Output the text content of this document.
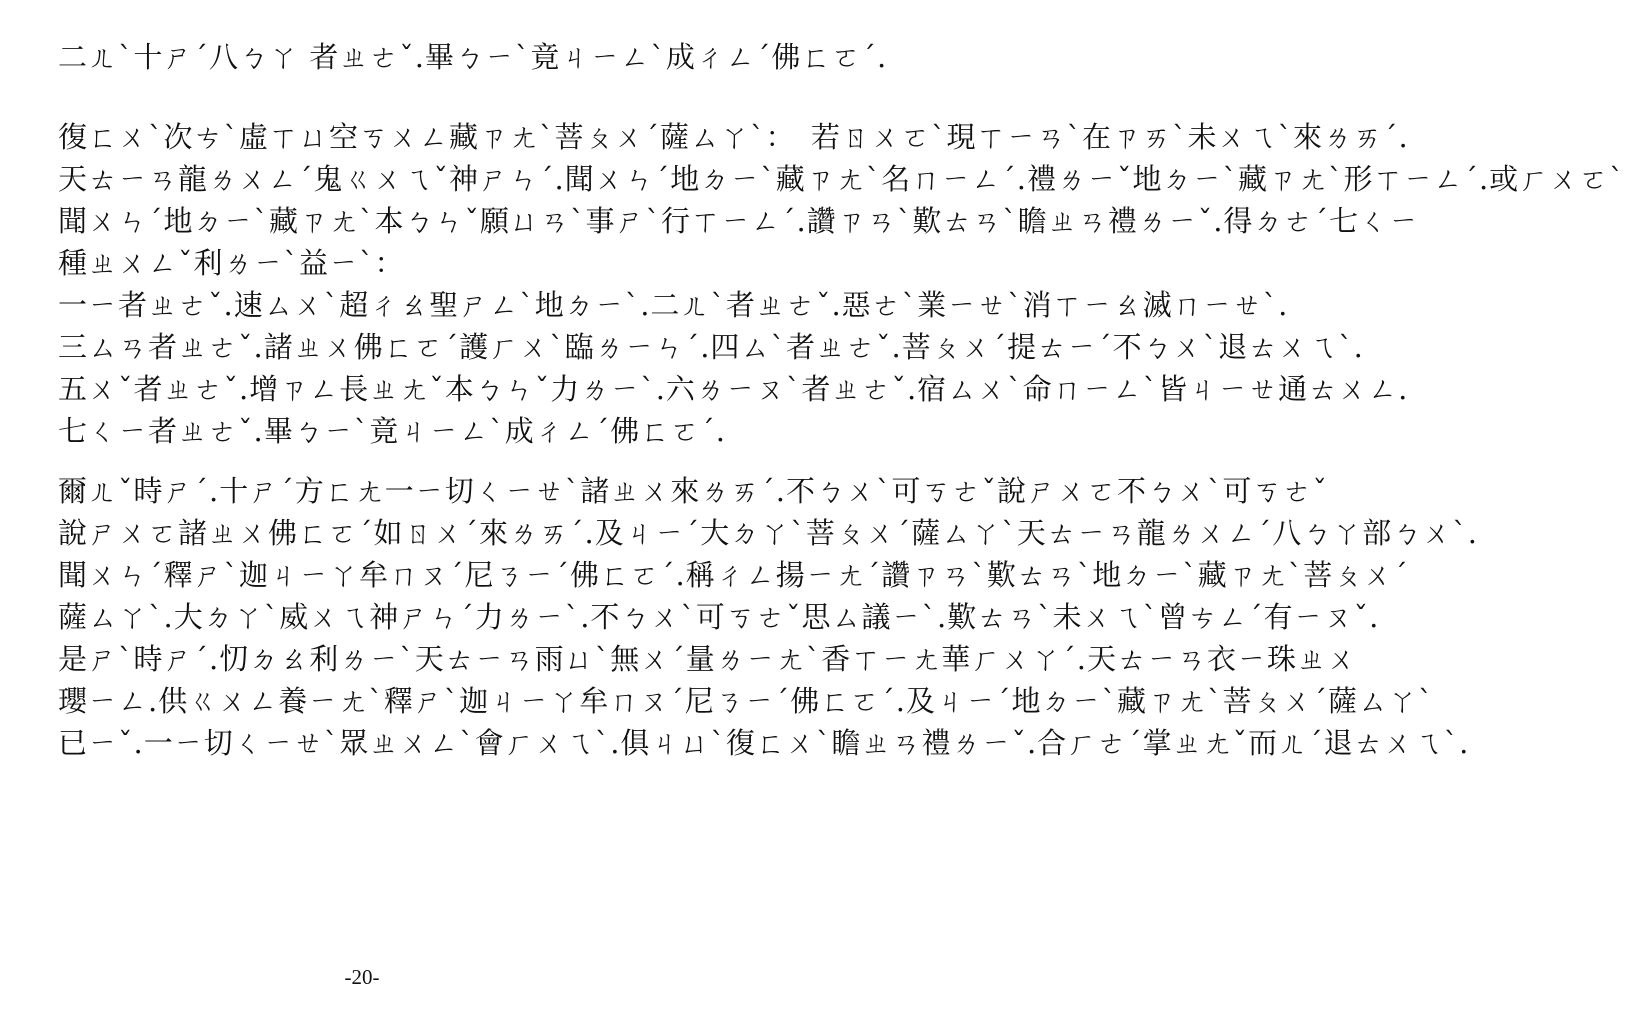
二ㄦˋ十ㄕˊ八ㄅㄚ 者ㄓㄜˇ.畢ㄅㄧˋ竟ㄐㄧㄥˋ成ㄔㄥˊ佛ㄈㄛˊ.
復ㄈㄨˋ次ㄘˋ虛ㄒㄩ空ㄎㄨㄥ藏ㄗㄤˋ菩ㄆㄨˊ薩ㄙㄚˋ：　若ㄖㄨㄛˋ現ㄒㄧㄢˋ在ㄗㄞˋ未ㄨㄟˋ來ㄌㄞˊ.
天ㄊㄧㄢ龍ㄌㄨㄥˊ鬼ㄍㄨㄟˇ神ㄕㄣˊ.聞ㄨㄣˊ地ㄉㄧˋ藏ㄗㄤˋ名ㄇㄧㄥˊ.禮ㄌㄧˇ地ㄉㄧˋ藏ㄗㄤˋ形ㄒㄧㄥˊ.或ㄏㄨㄛˋ
聞ㄨㄣˊ地ㄉㄧˋ藏ㄗㄤˋ本ㄅㄣˇ願ㄩㄢˋ事ㄕˋ行ㄒㄧㄥˊ.讚ㄗㄢˋ歎ㄊㄢˋ瞻ㄓㄢ禮ㄌㄧˇ.得ㄉㄜˊ七ㄑㄧ
種ㄓㄨㄥˇ利ㄌㄧˋ益ㄧˋ：
一ㄧ者ㄓㄜˇ.速ㄙㄨˋ超ㄔㄠ聖ㄕㄥˋ地ㄉㄧˋ.二ㄦˋ者ㄓㄜˇ.惡ㄜˋ業ㄧㄝˋ消ㄒㄧㄠ滅ㄇㄧㄝˋ.
三ㄙㄢ者ㄓㄜˇ.諸ㄓㄨ佛ㄈㄛˊ護ㄏㄨˋ臨ㄌㄧㄣˊ.四ㄙˋ者ㄓㄜˇ.菩ㄆㄨˊ提ㄊㄧˊ不ㄅㄨˋ退ㄊㄨㄟˋ.
五ㄨˇ者ㄓㄜˇ.增ㄗㄥ長ㄓㄤˇ本ㄅㄣˇ力ㄌㄧˋ.六ㄌㄧㄡˋ者ㄓㄜˇ.宿ㄙㄨˋ命ㄇㄧㄥˋ皆ㄐㄧㄝ通ㄊㄨㄥ.
七ㄑㄧ者ㄓㄜˇ.畢ㄅㄧˋ竟ㄐㄧㄥˋ成ㄔㄥˊ佛ㄈㄛˊ.
爾ㄦˇ時ㄕˊ.十ㄕˊ方ㄈㄤ一ㄧ切ㄑㄧㄝˋ諸ㄓㄨ來ㄌㄞˊ.不ㄅㄨˋ可ㄎㄜˇ說ㄕㄨㄛ不ㄅㄨˋ可ㄎㄜˇ
說ㄕㄨㄛ諸ㄓㄨ佛ㄈㄛˊ如ㄖㄨˊ來ㄌㄞˊ.及ㄐㄧˊ大ㄉㄚˋ菩ㄆㄨˊ薩ㄙㄚˋ天ㄊㄧㄢ龍ㄌㄨㄥˊ八ㄅㄚ部ㄅㄨˋ.
聞ㄨㄣˊ釋ㄕˋ迦ㄐㄧㄚ牟ㄇㄡˊ尼ㄋㄧˊ佛ㄈㄛˊ.稱ㄔㄥ揚ㄧㄤˊ讚ㄗㄢˋ歎ㄊㄢˋ地ㄉㄧˋ藏ㄗㄤˋ菩ㄆㄨˊ
薩ㄙㄚˋ.大ㄉㄚˋ威ㄨㄟ神ㄕㄣˊ力ㄌㄧˋ.不ㄅㄨˋ可ㄎㄜˇ思ㄙ議ㄧˋ.歎ㄊㄢˋ未ㄨㄟˋ曾ㄘㄥˊ有ㄧㄡˇ.
是ㄕˋ時ㄕˊ.忉ㄉㄠ利ㄌㄧˋ天ㄊㄧㄢ雨ㄩˋ無ㄨˊ量ㄌㄧㄤˋ香ㄒㄧㄤ華ㄏㄨㄚˊ.天ㄊㄧㄢ衣ㄧ珠ㄓㄨ
瓔ㄧㄥ.供ㄍㄨㄥ養ㄧㄤˋ釋ㄕˋ迦ㄐㄧㄚ牟ㄇㄡˊ尼ㄋㄧˊ佛ㄈㄛˊ.及ㄐㄧˊ地ㄉㄧˋ藏ㄗㄤˋ菩ㄆㄨˊ薩ㄙㄚˋ
已ㄧˇ.一ㄧ切ㄑㄧㄝˋ眾ㄓㄨㄥˋ會ㄏㄨㄟˋ.俱ㄐㄩˋ復ㄈㄨˋ瞻ㄓㄢ禮ㄌㄧˇ.合ㄏㄜˊ掌ㄓㄤˇ而ㄦˊ退ㄊㄨㄟˋ.
-20-
